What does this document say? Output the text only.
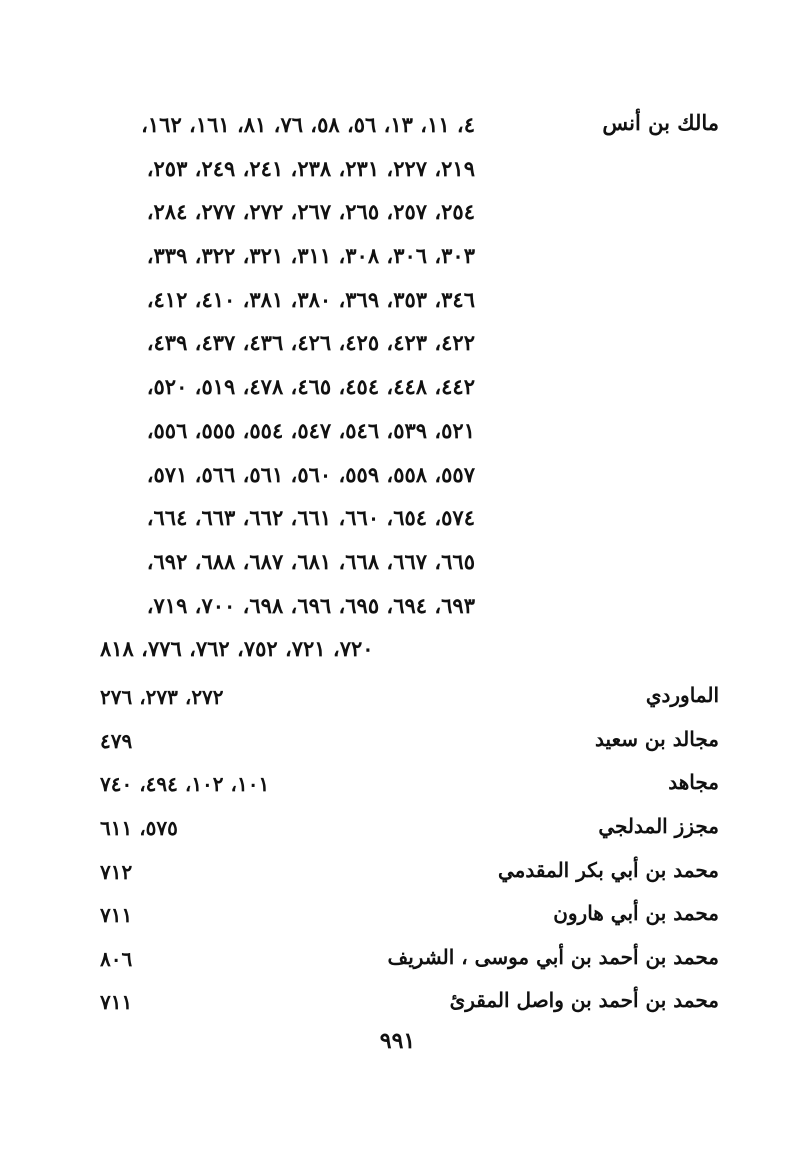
مالك بن أنس
٤، ١١، ١٣، ٥٦، ٥٨، ٧٦، ٨١، ١٦١، ١٦٢،
٢١٩، ٢٢٧، ٢٣١، ٢٣٨، ٢٤١، ٢٤٩، ٢٥٣،
٢٥٤، ٢٥٧، ٢٦٥، ٢٦٧، ٢٧٢، ٢٧٧، ٢٨٤،
٣٠٣، ٣٠٦، ٣٠٨، ٣١١، ٣٢١، ٣٢٢، ٣٣٩،
٣٤٦، ٣٥٣، ٣٦٩، ٣٨٠، ٣٨١، ٤١٠، ٤١٢،
٤٢٢، ٤٢٣، ٤٢٥، ٤٢٦، ٤٣٦، ٤٣٧، ٤٣٩،
٤٤٢، ٤٤٨، ٤٥٤، ٤٦٥، ٤٧٨، ٥١٩، ٥٢٠،
٥٢١، ٥٣٩، ٥٤٦، ٥٤٧، ٥٥٤، ٥٥٥، ٥٥٦،
٥٥٧، ٥٥٨، ٥٥٩، ٥٦٠، ٥٦١، ٥٦٦، ٥٧١،
٥٧٤، ٦٥٤، ٦٦٠، ٦٦١، ٦٦٢، ٦٦٣، ٦٦٤،
٦٦٥، ٦٦٧، ٦٦٨، ٦٨١، ٦٨٧، ٦٨٨، ٦٩٢،
٦٩٣، ٦٩٤، ٦٩٥، ٦٩٦، ٦٩٨، ٧٠٠، ٧١٩،
٧٢٠، ٧٢١، ٧٥٢، ٧٦٢، ٧٧٦، ٨١٨
الماوردي
٢٧٢، ٢٧٣، ٢٧٦
مجالد بن سعيد
٤٧٩
مجاهد
١٠١، ١٠٢، ٤٩٤، ٧٤٠
مجزز المدلجي
٥٧٥، ٦١١
محمد بن أبي بكر المقدمي
٧١٢
محمد بن أبي هارون
٧١١
محمد بن أحمد بن أبي موسى ، الشريف
٨٠٦
محمد بن أحمد بن واصل المقرئ
٧١١
٩٩١
